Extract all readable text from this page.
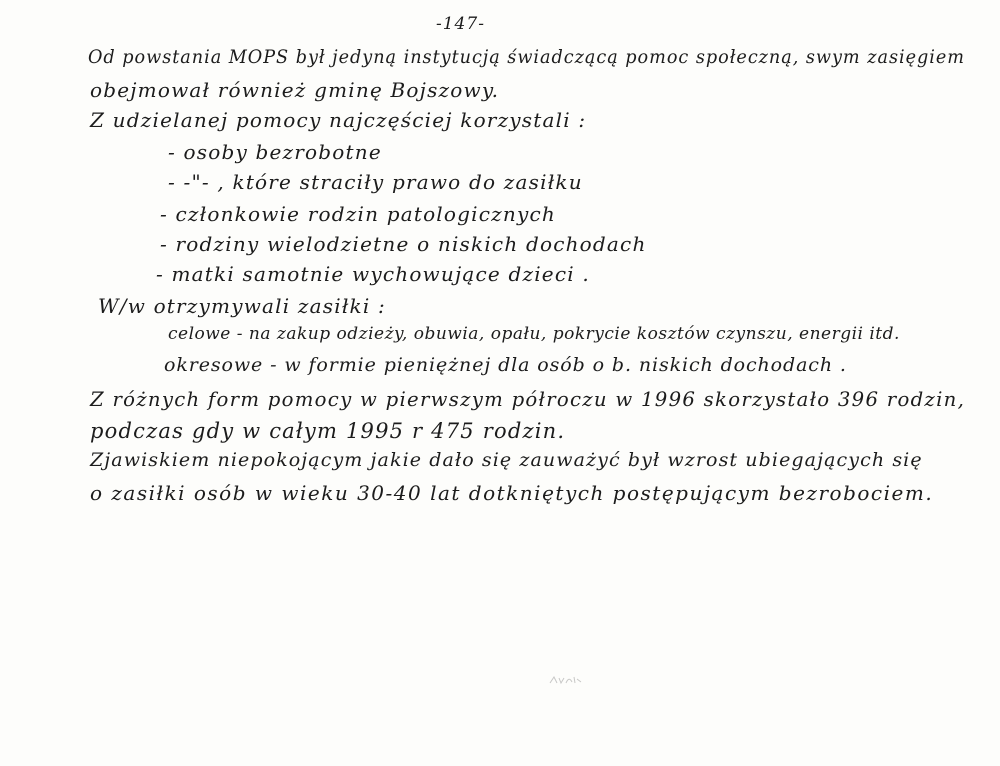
-147-
Od powstania MOPS był jedyną instytucją świadczącą pomoc społeczną, swym zasięgiem
obejmował również gminę Bojszowy.
Z udzielanej pomocy najczęściej korzystali :
- osoby bezrobotne
- -"- , które straciły prawo do zasiłku
- członkowie rodzin patologicznych
- rodziny wielodzietne o niskich dochodach
- matki samotnie wychowujące dzieci .
W/w otrzymywali zasiłki :
celowe - na zakup odzieży, obuwia, opału, pokrycie kosztów czynszu, energii itd.
okresowe - w formie pieniężnej dla osób o b. niskich dochodach .
Z różnych form pomocy w pierwszym półroczu w 1996 skorzystało 396 rodzin,
podczas gdy w całym 1995 r 475 rodzin.
Zjawiskiem niepokojącym jakie dało się zauważyć był wzrost ubiegających się
o zasiłki osób w wieku 30-40 lat dotkniętych postępującym bezrobociem.
